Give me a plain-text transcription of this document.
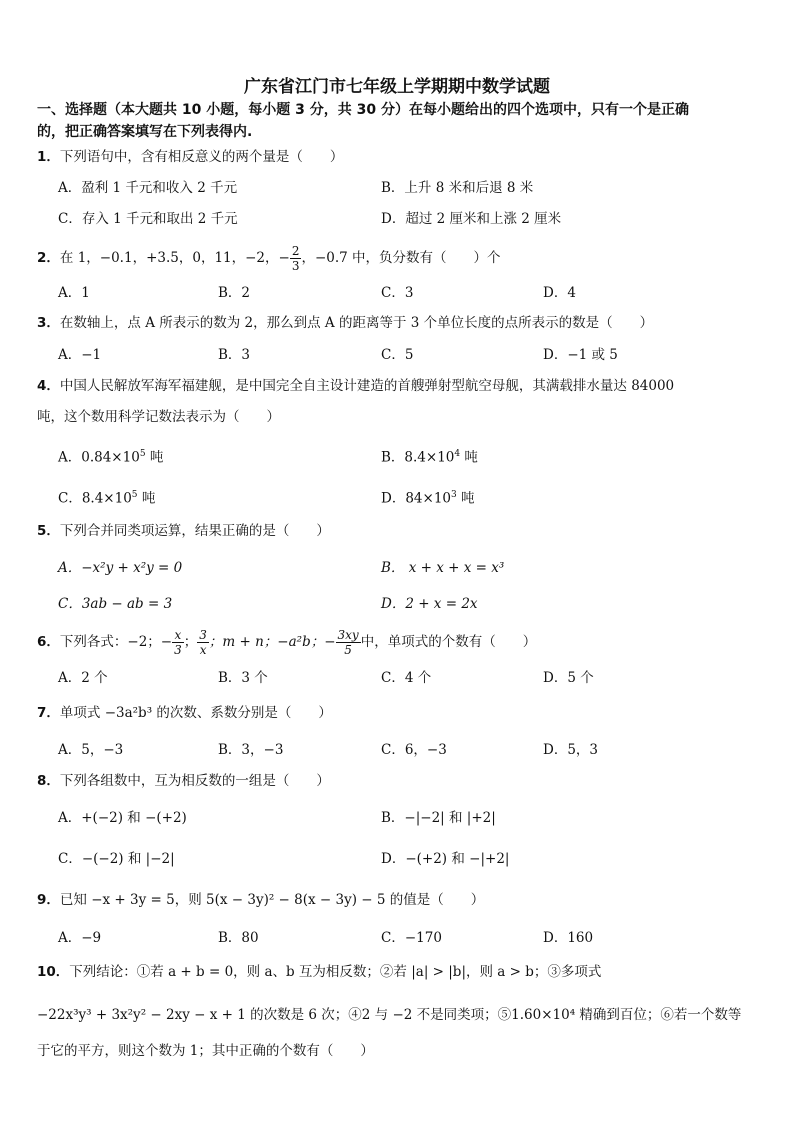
广东省江门市七年级上学期期中数学试题
一、选择题（本大题共 10 小题，每小题 3 分，共 30 分）在每小题给出的四个选项中，只有一个是正确
的，把正确答案填写在下列表得内.
1．下列语句中，含有相反意义的两个量是（　　）
A．盈利 1 千元和收入 2 千元	B．上升 8 米和后退 8 米
C．存入 1 千元和取出 2 千元	D．超过 2 厘米和上涨 2 厘米
2．在 1，−0.1，+3.5，0，11，−2，− $\frac{2}{3}$ ，−0.7 中，负分数有（　　）个
A．1	B．2	C．3	D．4
3．在数轴上，点 A 所表示的数为 2，那么到点 A 的距离等于 3 个单位长度的点所表示的数是（　　）
A．−1	B．3	C．5	D．−1 或 5
4．中国人民解放军海军福建舰，是中国完全自主设计建造的首艘弹射型航空母舰，其满载排水量达 84000
吨，这个数用科学记数法表示为（　　）
A．$0.84\times 10^5$ 吨	B．$8.4\times 10^4$ 吨
C．$8.4\times 10^5$ 吨	D．$84\times 10^3$ 吨
5．下列合并同类项运算，结果正确的是（　　）
A．−x²y + x²y = 0	B． x + x + x = x³
C．3ab − ab = 3	D．2 + x = 2x
6．下列各式：−2；− $\frac{x}{3}$ ； $\frac{3}{x}$ ；m + n；−a²b；− $\frac{3xy}{5}$ 中，单项式的个数有（　　）
A．2 个	B．3 个	C．4 个	D．5 个
7．单项式 −3a²b³ 的次数、系数分别是（　　）
A．5，−3	B．3，−3	C．6，−3	D．5，3
8．下列各组数中，互为相反数的一组是（　　）
A．+(−2) 和 −(+2)	B．−|−2| 和 |+2|
C．−(−2) 和 |−2|	D．−(+2) 和 −|+2|
9．已知 −x + 3y = 5，则 5(x − 3y)² − 8(x − 3y) − 5 的值是（　　）
A．−9	B．80	C．−170	D．160
10．下列结论：①若 a + b = 0，则 a、b 互为相反数；②若 |a| > |b|，则 a > b；③多项式
−22x³y³ + 3x²y² − 2xy − x + 1 的次数是 6 次；④2 与 −2 不是同类项；⑤1.60×10⁴ 精确到百位；⑥若一个数等
于它的平方，则这个数为 1；其中正确的个数有（　　）
